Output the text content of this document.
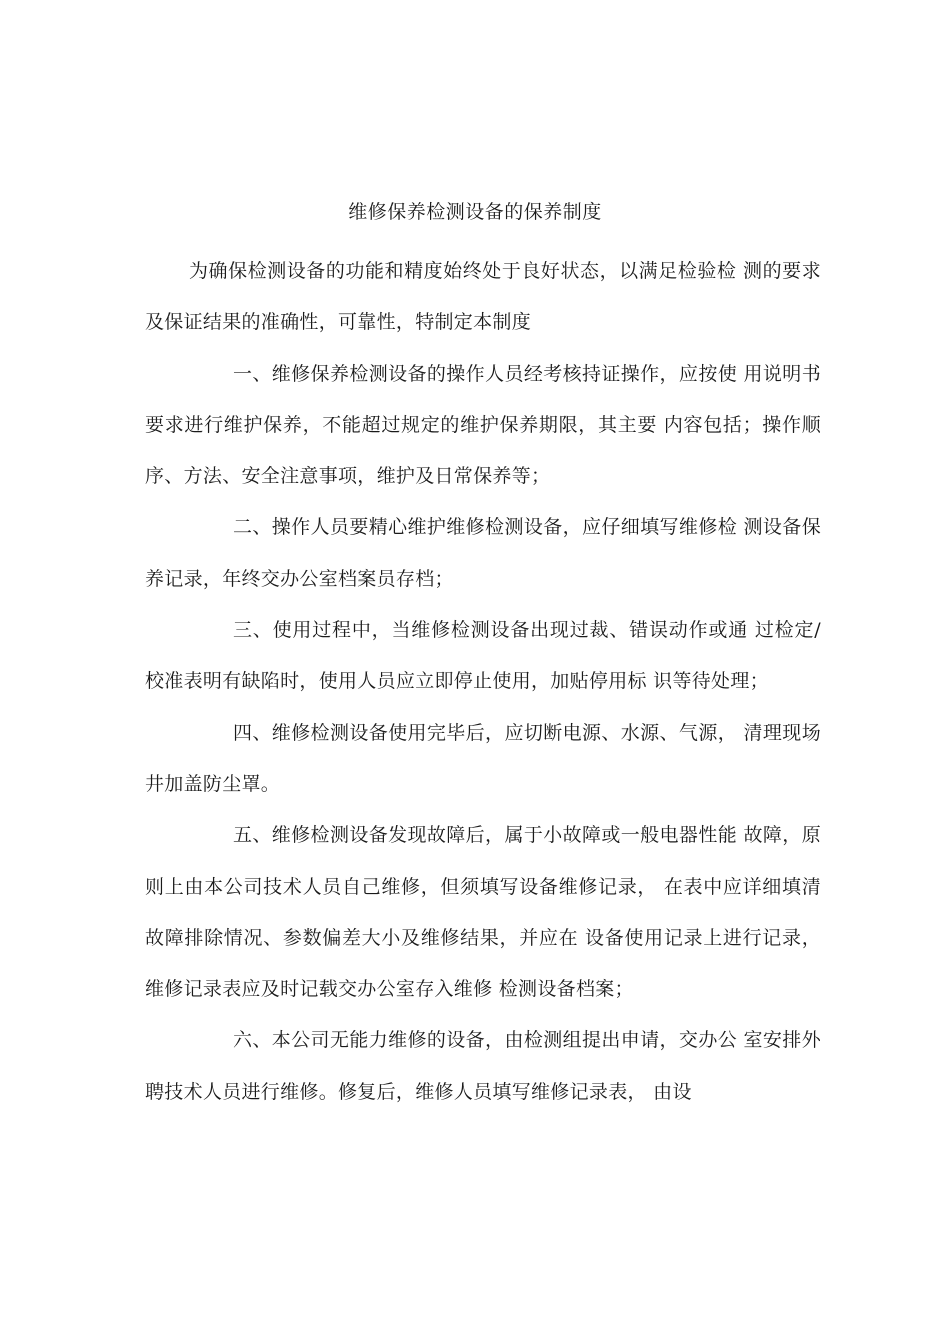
维修保养检测设备的保养制度

为确保检测设备的功能和精度始终处于良好状态，以满足检验检 测的要求及保证结果的准确性，可靠性，特制定本制度

一、维修保养检测设备的操作人员经考核持证操作，应按使 用说明书要求进行维护保养，不能超过规定的维护保养期限，其主要 内容包括；操作顺序、方法、安全注意事项，维护及日常保养等；

二、操作人员要精心维护维修检测设备，应仔细填写维修检 测设备保养记录，年终交办公室档案员存档；

三、使用过程中，当维修检测设备出现过裁、错误动作或通 过检定/校准表明有缺陷时，使用人员应立即停止使用，加贴停用标 识等待处理；

四、维修检测设备使用完毕后，应切断电源、水源、气源， 清理现场井加盖防尘罩。

五、维修检测设备发现故障后，属于小故障或一般电器性能 故障，原则上由本公司技术人员自己维修，但须填写设备维修记录， 在表中应详细填清故障排除情况、参数偏差大小及维修结果，并应在 设备使用记录上进行记录，维修记录表应及时记载交办公室存入维修 检测设备档案；

六、本公司无能力维修的设备，由检测组提出申请，交办公 室安排外聘技术人员进行维修。修复后，维修人员填写维修记录表， 由设
